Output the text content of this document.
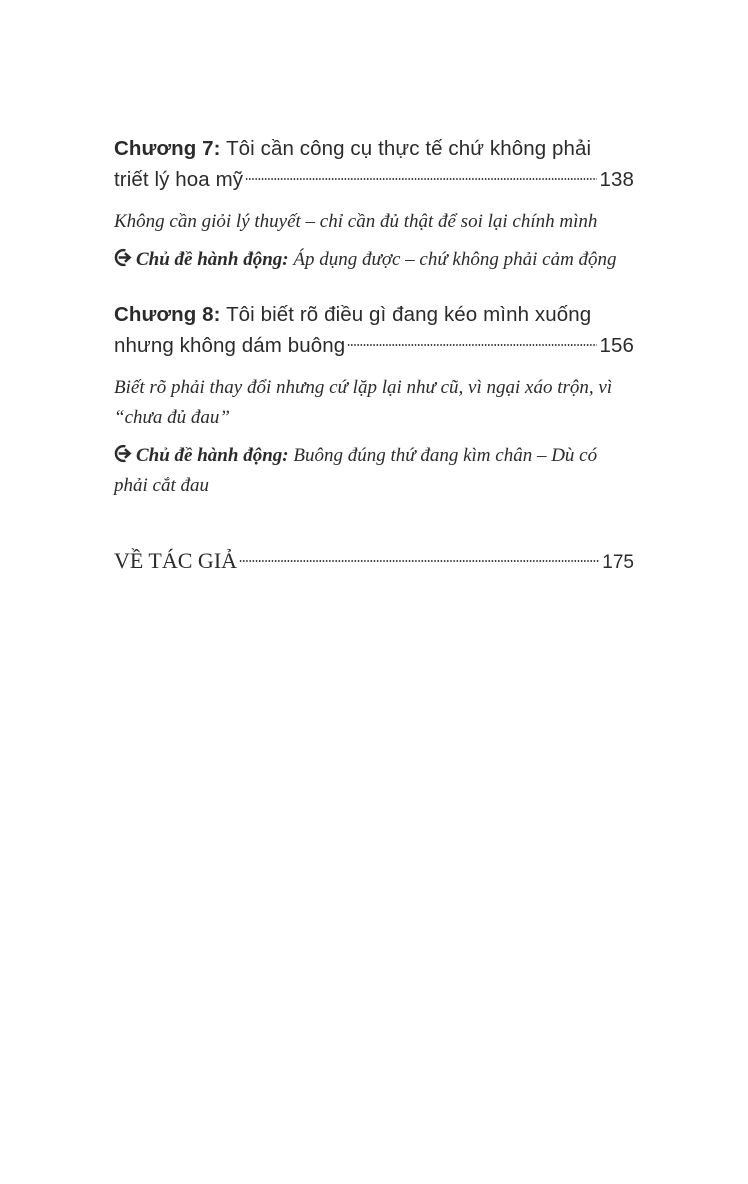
Chương 7: Tôi cần công cụ thực tế chứ không phải
triết lý hoa mỹ	138
Không cần giỏi lý thuyết – chỉ cần đủ thật để soi lại chính mình
Chủ đề hành động: Áp dụng được – chứ không phải cảm động
Chương 8: Tôi biết rõ điều gì đang kéo mình xuống
nhưng không dám buông	156
Biết rõ phải thay đổi nhưng cứ lặp lại như cũ, vì ngại xáo trộn, vì “chưa đủ đau”
Chủ đề hành động: Buông đúng thứ đang kìm chân – Dù có phải cắt đau
VỀ TÁC GIẢ	175
